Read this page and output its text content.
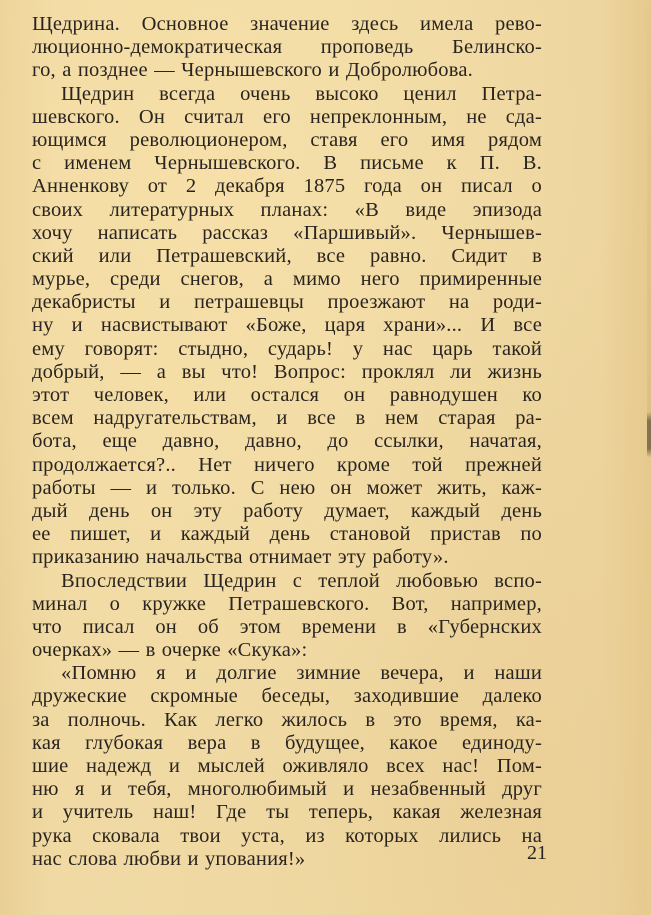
Щедрина. Основное значение здесь имела рево-
люционно-демократическая проповедь Белинско-
го, а позднее — Чернышевского и Добролюбова.
Щедрин всегда очень высоко ценил Петра-
шевского. Он считал его непреклонным, не сда-
ющимся революционером, ставя его имя рядом
с именем Чернышевского. В письме к П. В.
Анненкову от 2 декабря 1875 года он писал о
своих литературных планах: «В виде эпизода
хочу написать рассказ «Паршивый». Чернышев-
ский или Петрашевский, все равно. Сидит в
мурье, среди снегов, а мимо него примиренные
декабристы и петрашевцы проезжают на роди-
ну и насвистывают «Боже, царя храни»... И все
ему говорят: стыдно, сударь! у нас царь такой
добрый, — а вы что! Вопрос: проклял ли жизнь
этот человек, или остался он равнодушен ко
всем надругательствам, и все в нем старая ра-
бота, еще давно, давно, до ссылки, начатая,
продолжается?.. Нет ничего кроме той прежней
работы — и только. С нею он может жить, каж-
дый день он эту работу думает, каждый день
ее пишет, и каждый день становой пристав по
приказанию начальства отнимает эту работу».
Впоследствии Щедрин с теплой любовью вспо-
минал о кружке Петрашевского. Вот, например,
что писал он об этом времени в «Губернских
очерках» — в очерке «Скука»:
«Помню я и долгие зимние вечера, и наши
дружеские скромные беседы, заходившие далеко
за полночь. Как легко жилось в это время, ка-
кая глубокая вера в будущее, какое единоду-
шие надежд и мыслей оживляло всех нас! Пом-
ню я и тебя, многолюбимый и незабвенный друг
и учитель наш! Где ты теперь, какая железная
рука сковала твои уста, из которых лились на
нас слова любви и упования!»	21
